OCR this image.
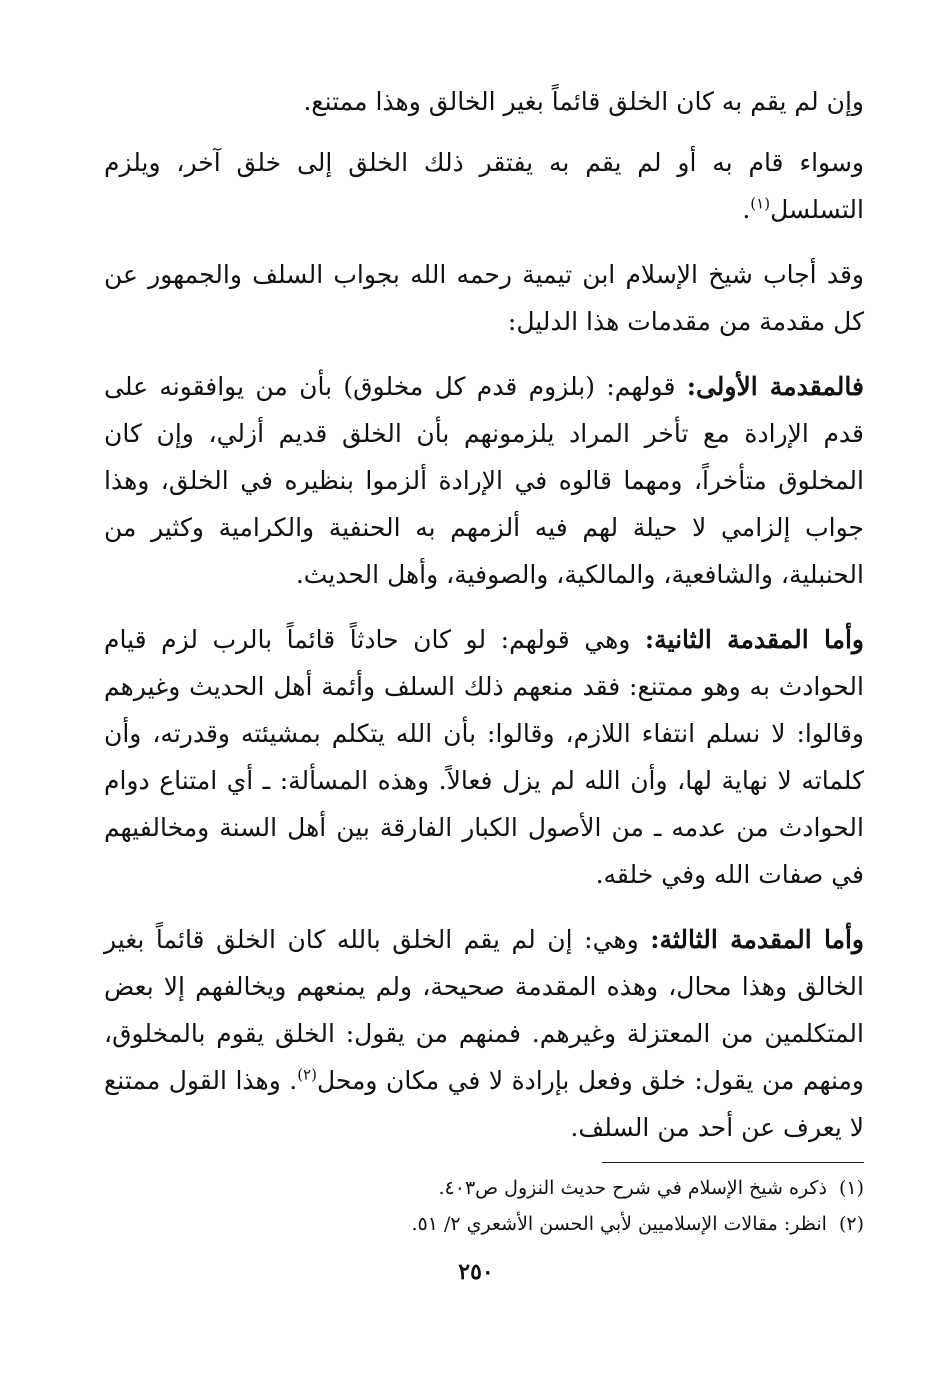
وإن لم يقم به كان الخلق قائماً بغير الخالق وهذا ممتنع.

وسواء قام به أو لم يقم به يفتقر ذلك الخلق إلى خلق آخر، ويلزم التسلسل$^{(١)}$.

وقد أجاب شيخ الإسلام ابن تيمية رحمه الله بجواب السلف والجمهور عن كل مقدمة من مقدمات هذا الدليل:

فالمقدمة الأولى: قولهم: (بلزوم قدم كل مخلوق) بأن من يوافقونه على قدم الإرادة مع تأخر المراد يلزمونهم بأن الخلق قديم أزلي، وإن كان المخلوق متأخراً، ومهما قالوه في الإرادة ألزموا بنظيره في الخلق، وهذا جواب إلزامي لا حيلة لهم فيه ألزمهم به الحنفية والكرامية وكثير من الحنبلية، والشافعية، والمالكية، والصوفية، وأهل الحديث.

وأما المقدمة الثانية: وهي قولهم: لو كان حادثاً قائماً بالرب لزم قيام الحوادث به وهو ممتنع: فقد منعهم ذلك السلف وأئمة أهل الحديث وغيرهم وقالوا: لا نسلم انتفاء اللازم، وقالوا: بأن الله يتكلم بمشيئته وقدرته، وأن كلماته لا نهاية لها، وأن الله لم يزل فعالاً. وهذه المسألة: ـ أي امتناع دوام الحوادث من عدمه ـ من الأصول الكبار الفارقة بين أهل السنة ومخالفيهم في صفات الله وفي خلقه.

وأما المقدمة الثالثة: وهي: إن لم يقم الخلق بالله كان الخلق قائماً بغير الخالق وهذا محال، وهذه المقدمة صحيحة، ولم يمنعهم ويخالفهم إلا بعض المتكلمين من المعتزلة وغيرهم. فمنهم من يقول: الخلق يقوم بالمخلوق، ومنهم من يقول: خلق وفعل بإرادة لا في مكان ومحل$^{(٢)}$. وهذا القول ممتنع لا يعرف عن أحد من السلف.

(١)ذكره شيخ الإسلام في شرح حديث النزول ص٤٠٣.
(٢)انظر: مقالات الإسلاميين لأبي الحسن الأشعري ٢/ ٥١.
٢٥٠
